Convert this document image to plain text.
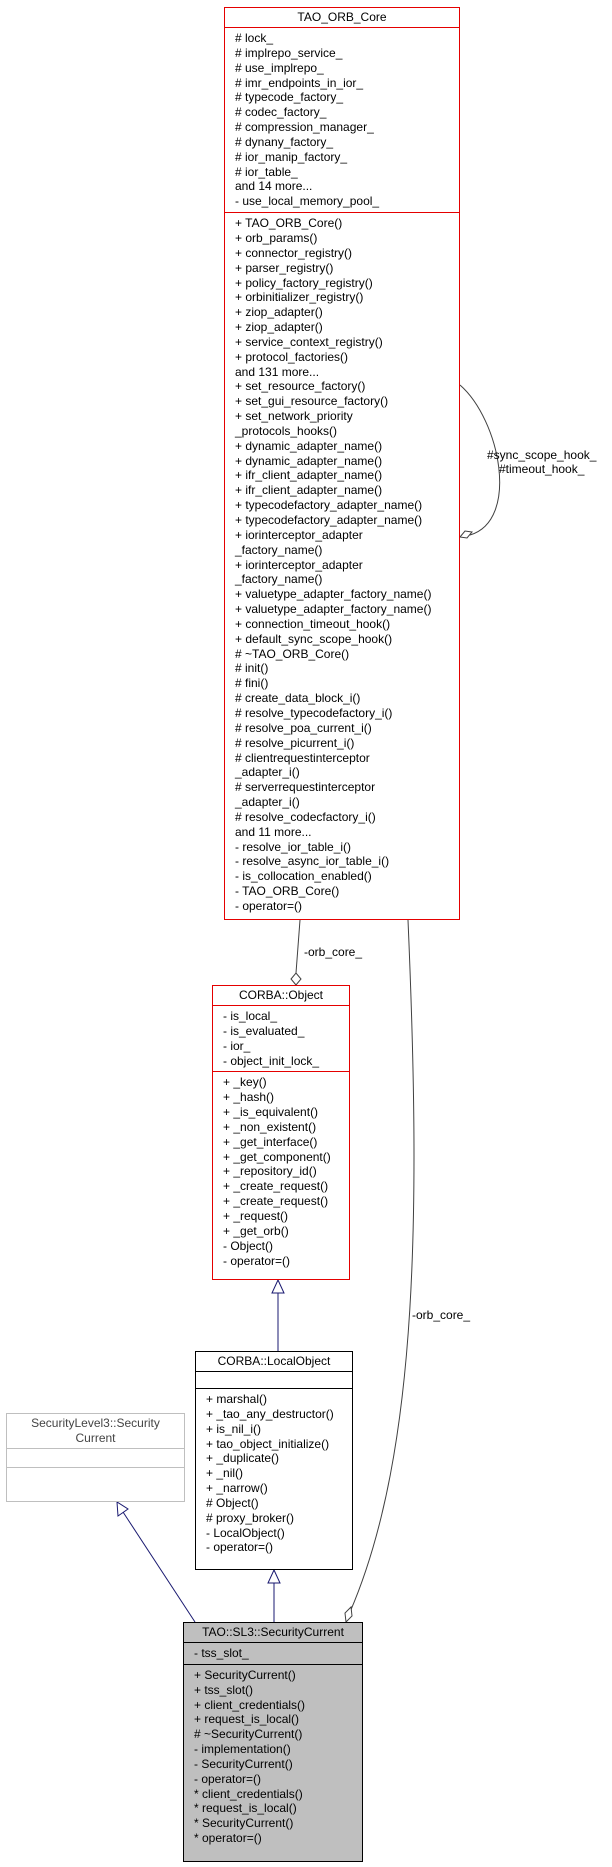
#sync_scope_hook_
#timeout_hook_
-orb_core_
-orb_core_
TAO_ORB_Core
# lock_
# implrepo_service_
# use_implrepo_
# imr_endpoints_in_ior_
# typecode_factory_
# codec_factory_
# compression_manager_
# dynany_factory_
# ior_manip_factory_
# ior_table_
and 14 more...
- use_local_memory_pool_
+ TAO_ORB_Core()
+ orb_params()
+ connector_registry()
+ parser_registry()
+ policy_factory_registry()
+ orbinitializer_registry()
+ ziop_adapter()
+ ziop_adapter()
+ service_context_registry()
+ protocol_factories()
and 131 more...
+ set_resource_factory()
+ set_gui_resource_factory()
+ set_network_priority
_protocols_hooks()
+ dynamic_adapter_name()
+ dynamic_adapter_name()
+ ifr_client_adapter_name()
+ ifr_client_adapter_name()
+ typecodefactory_adapter_name()
+ typecodefactory_adapter_name()
+ iorinterceptor_adapter
_factory_name()
+ iorinterceptor_adapter
_factory_name()
+ valuetype_adapter_factory_name()
+ valuetype_adapter_factory_name()
+ connection_timeout_hook()
+ default_sync_scope_hook()
# ~TAO_ORB_Core()
# init()
# fini()
# create_data_block_i()
# resolve_typecodefactory_i()
# resolve_poa_current_i()
# resolve_picurrent_i()
# clientrequestinterceptor
_adapter_i()
# serverrequestinterceptor
_adapter_i()
# resolve_codecfactory_i()
and 11 more...
- resolve_ior_table_i()
- resolve_async_ior_table_i()
- is_collocation_enabled()
- TAO_ORB_Core()
- operator=()
CORBA::Object
- is_local_
- is_evaluated_
- ior_
- object_init_lock_
+ _key()
+ _hash()
+ _is_equivalent()
+ _non_existent()
+ _get_interface()
+ _get_component()
+ _repository_id()
+ _create_request()
+ _create_request()
+ _request()
+ _get_orb()
- Object()
- operator=()
CORBA::LocalObject
+ marshal()
+ _tao_any_destructor()
+ is_nil_i()
+ tao_object_initialize()
+ _duplicate()
+ _nil()
+ _narrow()
# Object()
# proxy_broker()
- LocalObject()
- operator=()
SecurityLevel3::Security
Current
TAO::SL3::SecurityCurrent
- tss_slot_
+ SecurityCurrent()
+ tss_slot()
+ client_credentials()
+ request_is_local()
# ~SecurityCurrent()
- implementation()
- SecurityCurrent()
- operator=()
* client_credentials()
* request_is_local()
* SecurityCurrent()
* operator=()
